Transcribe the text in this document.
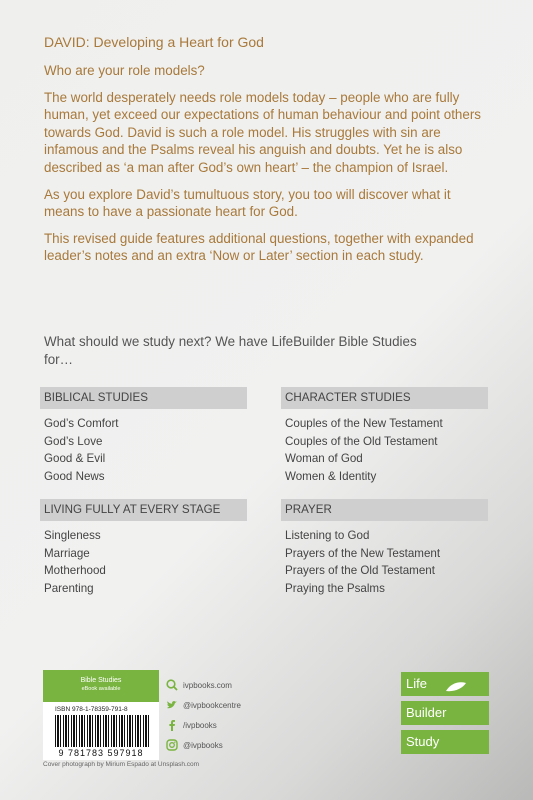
DAVID: Developing a Heart for God

Who are your role models?

The world desperately needs role models today – people who are fully human, yet exceed our expectations of human behaviour and point others towards God. David is such a role model. His struggles with sin are infamous and the Psalms reveal his anguish and doubts. Yet he is also described as ‘a man after God’s own heart’ – the champion of Israel.

As you explore David’s tumultuous story, you too will discover what it means to have a passionate heart for God.

This revised guide features additional questions, together with expanded leader’s notes and an extra ‘Now or Later’ section in each study.

What should we study next? We have LifeBuilder Bible Studies for…

BIBLICAL STUDIES
God’s Comfort
God’s Love
Good & Evil
Good News
CHARACTER STUDIES
Couples of the New Testament
Couples of the Old Testament
Woman of God
Women & Identity
LIVING FULLY AT EVERY STAGE
Singleness
Marriage
Motherhood
Parenting
PRAYER
Listening to God
Prayers of the New Testament
Prayers of the Old Testament
Praying the Psalms
Bible Studies
eBook available
ISBN 978-1-78359-791-8
9 781783 597918
Cover photograph by Mirium Espado at Unsplash.com
ivpbooks.com
@ivpbookcentre
/ivpbooks
@ivpbooks
Life
Builder
Study
